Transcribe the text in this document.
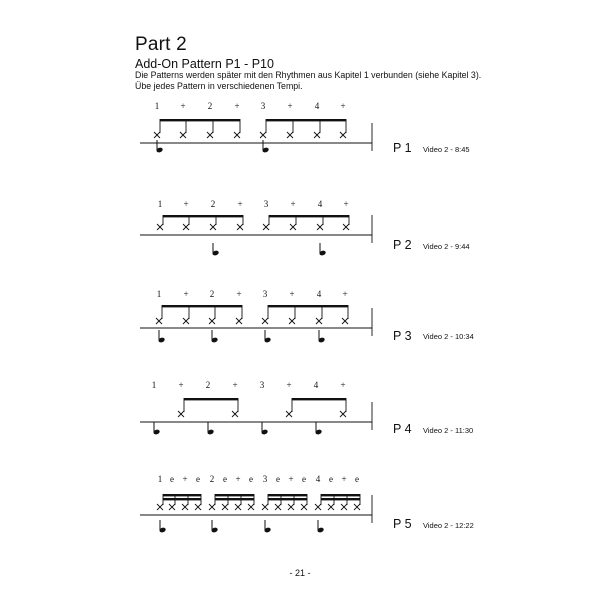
Part 2
Add-On Pattern P1 - P10
Die Patterns werden später mit den Rhythmen aus Kapitel 1 verbunden (siehe Kapitel 3).
Übe jedes Pattern in verschiedenen Tempi.
1 + 2 + 3 + 4 +
P 1 Video 2 - 8:45
1 + 2 + 3 + 4 +
P 2 Video 2 - 9:44
1 + 2 + 3 + 4 +
P 3 Video 2 - 10:34
1 + 2 + 3 + 4 +
P 4 Video 2 - 11:30
1 e + e 2 e + e 3 e + e 4 e + e
P 5 Video 2 - 12:22
- 21 -
